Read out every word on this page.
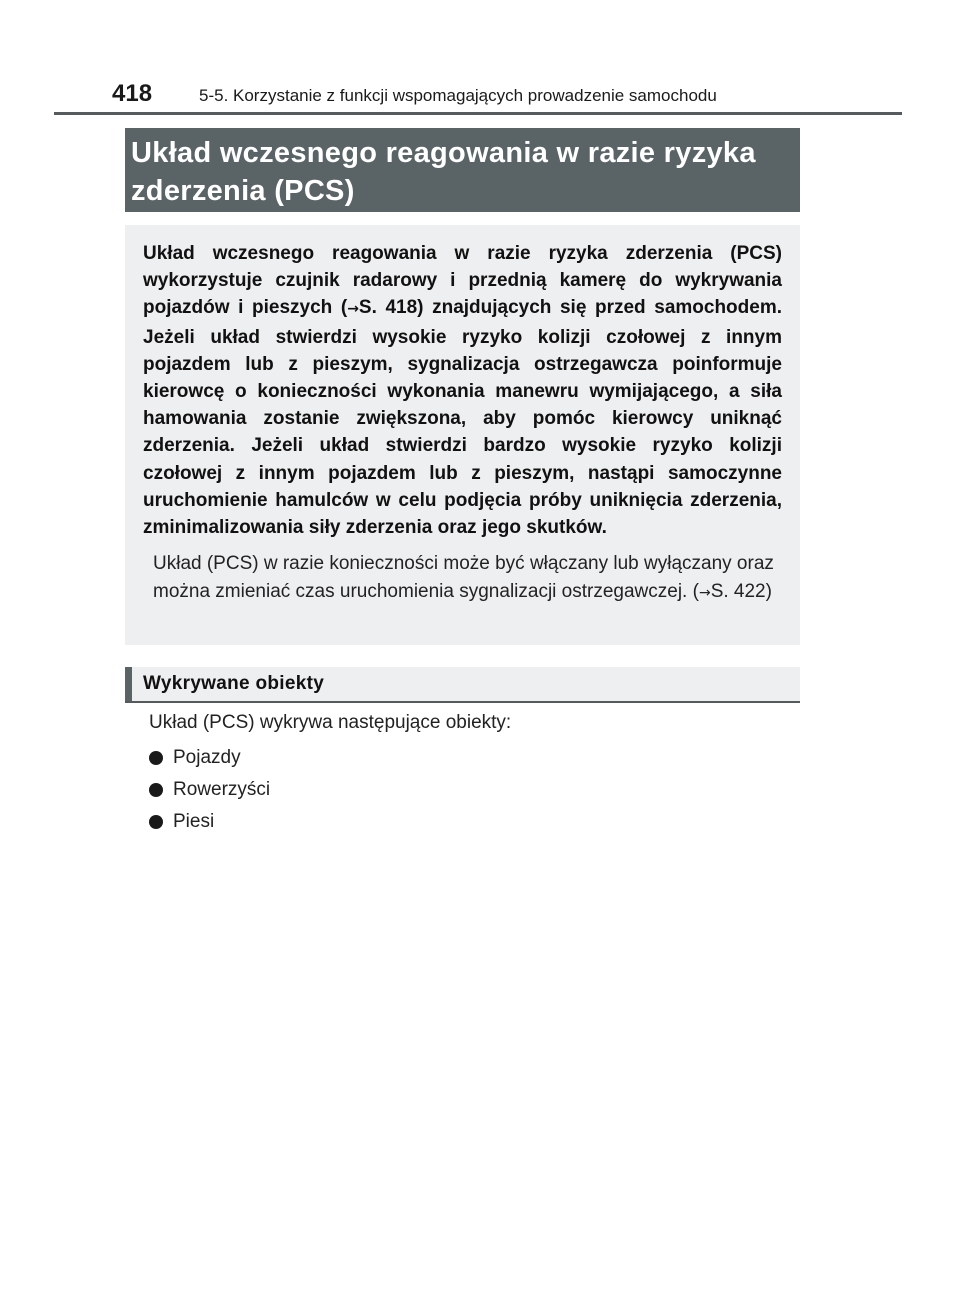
418	5-5. Korzystanie z funkcji wspomagających prowadzenie samochodu
Układ wczesnego reagowania w razie ryzyka zderzenia (PCS)

Układ wczesnego reagowania w razie ryzyka zderzenia (PCS) wykorzystuje czujnik radarowy i przednią kamerę do wykrywania pojazdów i pieszych (→S. 418) znajdujących się przed samochodem. Jeżeli układ stwierdzi wysokie ryzyko kolizji czołowej z innym pojazdem lub z pieszym, sygnalizacja ostrzegawcza poinformuje kierowcę o konieczności wykonania manewru wymijającego, a siła hamowania zostanie zwiększona, aby pomóc kierowcy uniknąć zderzenia. Jeżeli układ stwierdzi bardzo wysokie ryzyko kolizji czołowej z innym pojazdem lub z pieszym, nastąpi samoczynne uruchomienie hamulców w celu podjęcia próby uniknięcia zderzenia, zminimalizowania siły zderzenia oraz jego skutków.

Układ (PCS) w razie konieczności może być włączany lub wyłączany oraz można zmieniać czas uruchomienia sygnalizacji ostrzegawczej. (→S. 422)

Wykrywane obiekty
Układ (PCS) wykrywa następujące obiekty:
Pojazdy
Rowerzyści
Piesi
